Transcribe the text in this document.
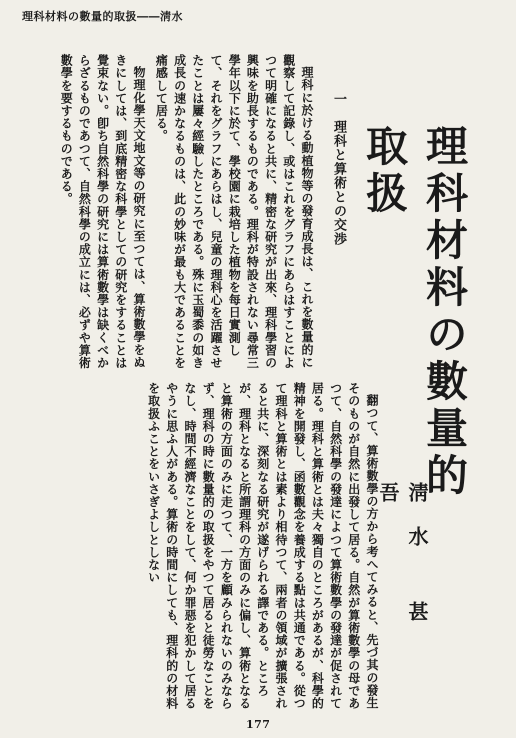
理科材料の數量的取扱――淸水

理科に於ける動植物等の發育成長は、これを數量的に觀察して記錄し、或はこれをグラフにあらはすことによつて明確になると共に、精密な研究が出來、理科學習の興味を助長するものである。理科が特設されない尋常三學年以下に於て、學校園に栽培した植物を每日實測して、それをグラフにあらはし、兒童の理科心を活躍させたことは屢々經驗したところである。殊に玉蜀黍の如き成長の速かなるものは、此の妙味が最も大であることを痛感して居る。

物理化學天文地文等の研究に至つては、算術數學をぬきにしては、到底精密な科學としての研究をすることは覺束ない。卽ち自然科學の研究には算術數學は缺くべからざるものであつて、自然科學の成立には、必ずや算術數學を要するものである。	一　理科と算術との交渉	理科材料の數量的取扱
淸水 甚吾

翻つて、算術數學の方から考へてみると、先づ其の發生そのものが自然に出發して居る。自然が算術數學の母であつて、自然科學の發達によつて算術數學の發達が促されて居る。理科と算術とは夫々獨自のところがあるが、科學的精神を開發し、函數觀念を養成する點は共通である。從つて理科と算術とは素より相待つて、兩者の領域が擴張されると共に、深刻なる研究が遂げられる譯である。ところが、理科となると所謂理科の方面のみに偏し、算術となると算術の方面のみに走つて、一方を顧みられないのみならず、理科の時に數量的の取扱をやつて居ると徒勞なことをなし、時間不經濟なことをして、何か罪惡を犯かして居るやうに思ふ人がある。算術の時間にしても、理科的の材料を取扱ふことをいさぎよしとしない

177
